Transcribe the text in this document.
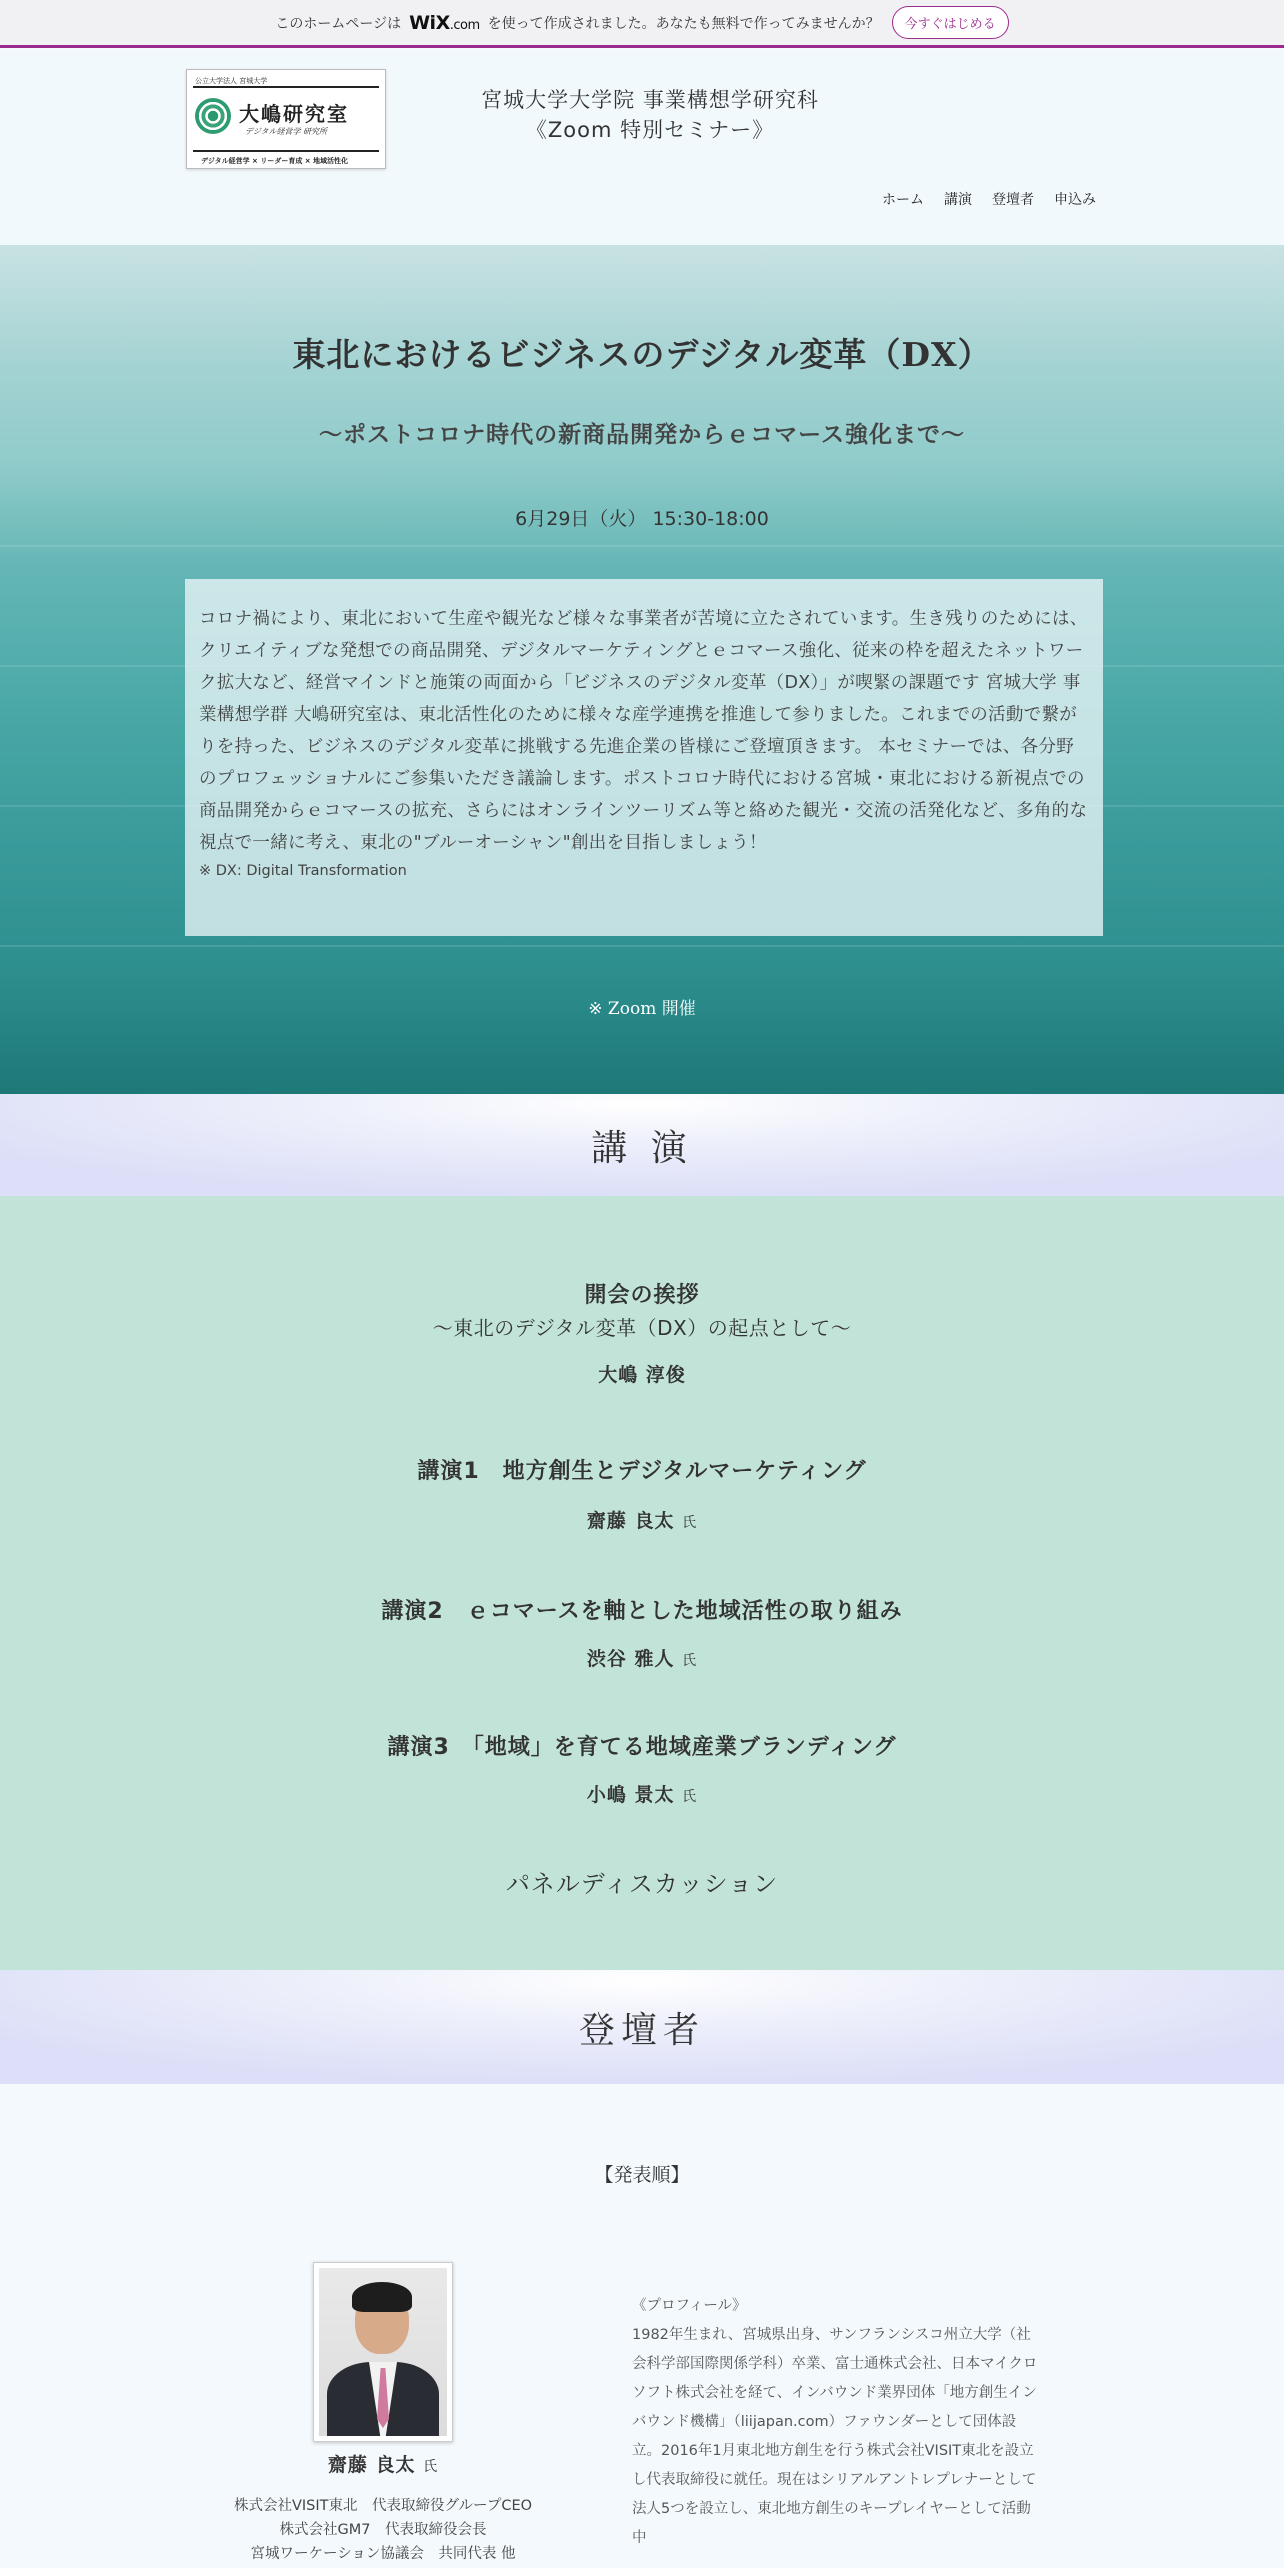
このホームページは WiX.com を使って作成されました。あなたも無料で作ってみませんか？	今すぐはじめる
公立大学法人 宮城大学
大嶋研究室
デジタル経営学 研究所
デジタル経営学 × リーダー育成 × 地域活性化
宮城大学大学院 事業構想学研究科
《Zoom 特別セミナー》
ホーム 講演 登壇者 申込み
東北におけるビジネスのデジタル変革（DX）
～ポストコロナ時代の新商品開発からｅコマース強化まで～
6月29日（火） 15:30-18:00

コロナ禍により、東北において生産や観光など様々な事業者が苦境に立たされています。生き残りのためには、クリエイティブな発想での商品開発、デジタルマーケティングとｅコマース強化、従来の枠を超えたネットワーク拡大など、経営マインドと施策の両面から「ビジネスのデジタル変革（DX）」が喫緊の課題です 宮城大学 事業構想学群 大嶋研究室は、東北活性化のために様々な産学連携を推進して参りました。これまでの活動で繋がりを持った、ビジネスのデジタル変革に挑戦する先進企業の皆様にご登壇頂きます。 本セミナーでは、各分野のプロフェッショナルにご参集いただき議論します。ポストコロナ時代における宮城・東北における新視点での商品開発からｅコマースの拡充、さらにはオンラインツーリズム等と絡めた観光・交流の活発化など、多角的な視点で一緒に考え、東北の"ブルーオーシャン"創出を目指しましょう！

※ DX: Digital Transformation
※ Zoom 開催
講 演
開会の挨拶
～東北のデジタル変革（DX）の起点として～
大嶋 淳俊
講演1　地方創生とデジタルマーケティング
齋藤 良太 氏
講演2　ｅコマースを軸とした地域活性の取り組み
渋谷 雅人 氏
講演3　「地域」を育てる地域産業ブランディング
小嶋 景太 氏
パネルディスカッション
登壇者
【発表順】
齋藤 良太 氏
株式会社VISIT東北　代表取締役グループCEO
株式会社GM7　代表取締役会長
宮城ワーケーション協議会　共同代表 他
《プロフィール》
1982年生まれ、宮城県出身、サンフランシスコ州立大学（社会科学部国際関係学科）卒業、富士通株式会社、日本マイクロソフト株式会社を経て、インバウンド業界団体「地方創生インバウンド機構」（liijapan.com）ファウンダーとして団体設立。2016年1月東北地方創生を行う株式会社VISIT東北を設立し代表取締役に就任。現在はシリアルアントレプレナーとして法人5つを設立し、東北地方創生のキープレイヤーとして活動中
